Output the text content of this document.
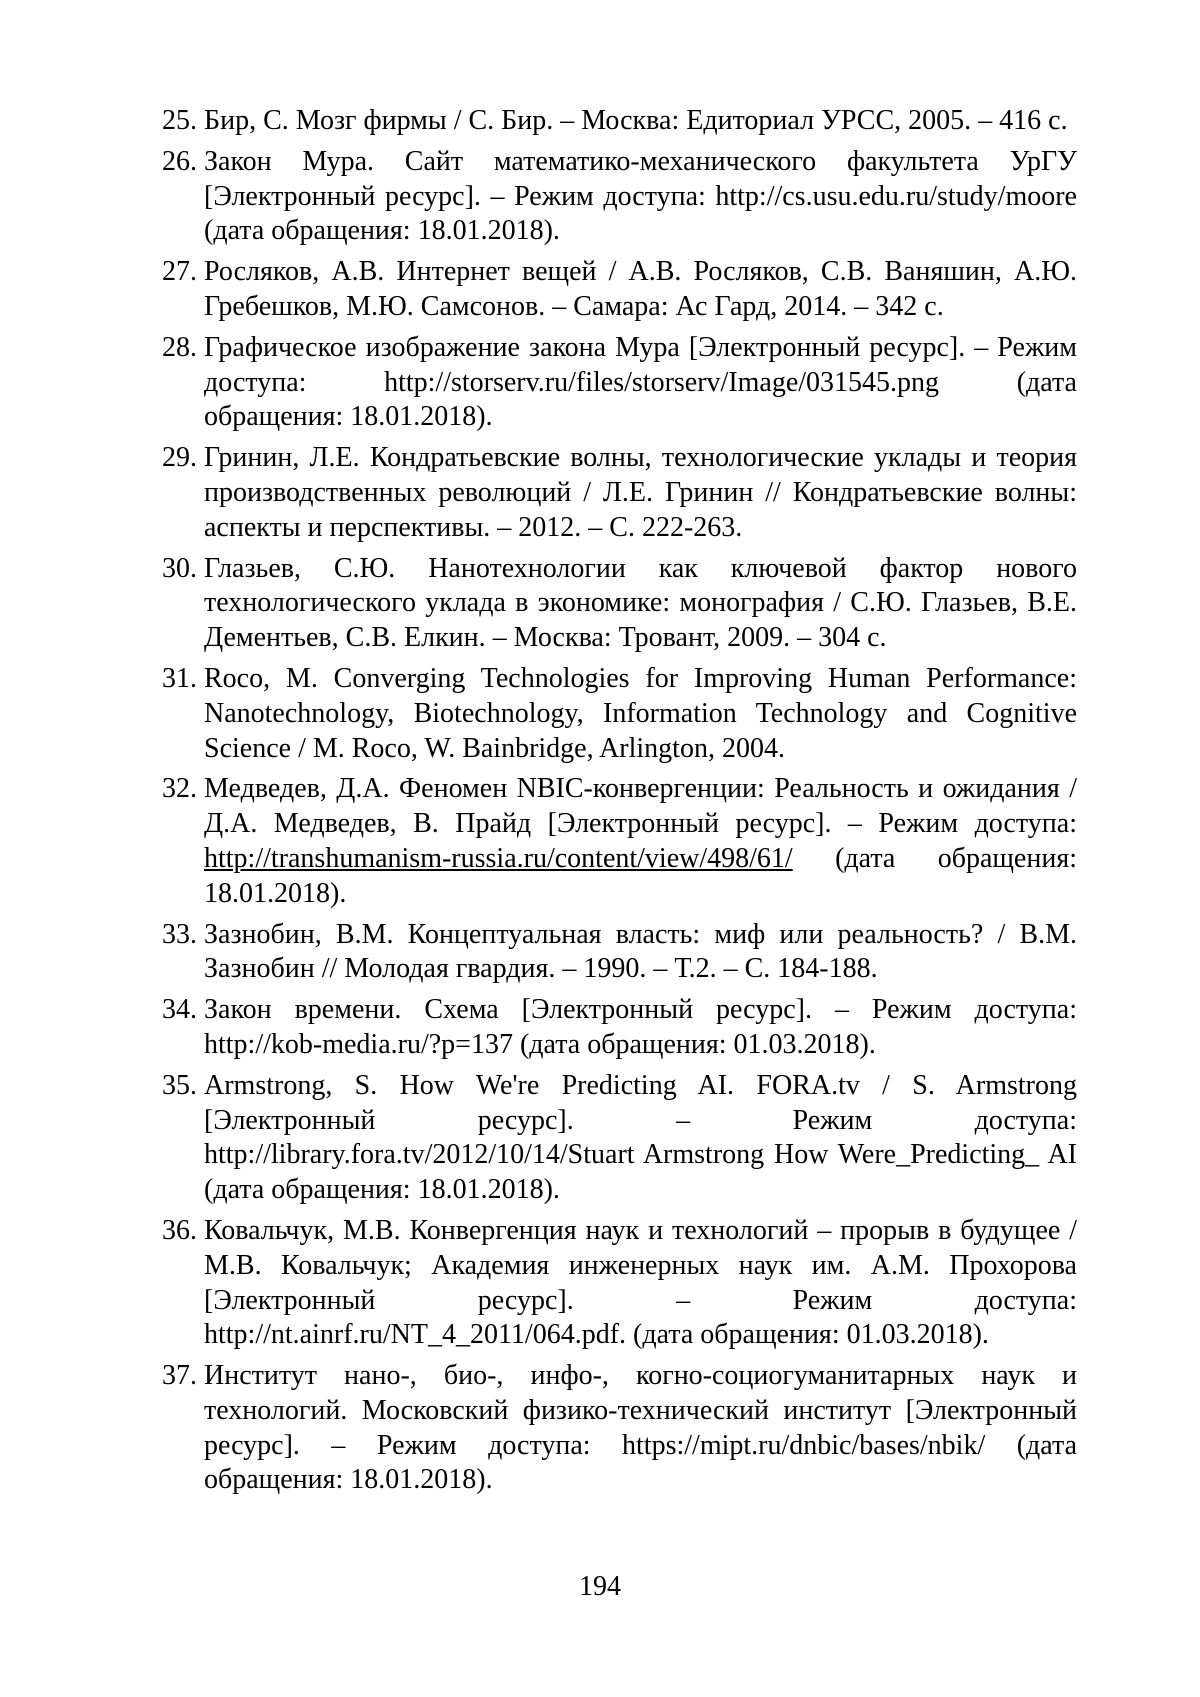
25. Бир, С. Мозг фирмы / С. Бир. – Москва: Едиториал УРСС, 2005. – 416 с.
26. Закон Мура. Сайт математико-механического факультета УрГУ [Электронный ресурс]. – Режим доступа: http://cs.usu.edu.ru/study/moore (дата обращения: 18.01.2018).
27. Росляков, А.В. Интернет вещей / А.В. Росляков, С.В. Ваняшин, А.Ю. Гребешков, М.Ю. Самсонов. – Самара: Ас Гард, 2014. – 342 с.
28. Графическое изображение закона Мура [Электронный ресурс]. – Режим доступа: http://storserv.ru/files/storserv/Image/031545.png (дата обращения: 18.01.2018).
29. Гринин, Л.Е. Кондратьевские волны, технологические уклады и теория производственных революций / Л.Е. Гринин // Кондратьевские волны: аспекты и перспективы. – 2012. – С. 222-263.
30. Глазьев, С.Ю. Нанотехнологии как ключевой фактор нового технологического уклада в экономике: монография / С.Ю. Глазьев, В.Е. Дементьев, С.В. Елкин. – Москва: Тровант, 2009. – 304 с.
31. Roco, M. Converging Technologies for Improving Human Performance: Nanotechnology, Biotechnology, Information Technology and Cognitive Science / M. Roco, W. Bainbridge, Arlington, 2004.
32. Медведев, Д.А. Феномен NBIC-конвергенции: Реальность и ожидания / Д.А. Медведев, В. Прайд [Электронный ресурс]. – Режим доступа: http://transhumanism-russia.ru/content/view/498/61/ (дата обращения: 18.01.2018).
33. Зазнобин, В.М. Концептуальная власть: миф или реальность? / В.М. Зазнобин // Молодая гвардия. – 1990. – Т.2. – С. 184-188.
34. Закон времени. Схема [Электронный ресурс]. – Режим доступа: http://kob-media.ru/?p=137 (дата обращения: 01.03.2018).
35. Armstrong, S. How We're Predicting AI. FORA.tv / S. Armstrong [Электронный ресурс]. – Режим доступа: http://library.fora.tv/2012/10/14/Stuart Armstrong How Were_Predicting_ AI (дата обращения: 18.01.2018).
36. Ковальчук, М.В. Конвергенция наук и технологий – прорыв в будущее / М.В. Ковальчук; Академия инженерных наук им. А.М. Прохорова [Электронный ресурс]. – Режим доступа: http://nt.ainrf.ru/NT_4_2011/064.pdf. (дата обращения: 01.03.2018).
37. Институт нано-, био-, инфо-, когно-социогуманитарных наук и технологий. Московский физико-технический институт [Электронный ресурс]. – Режим доступа: https://mipt.ru/dnbic/bases/nbik/ (дата обращения: 18.01.2018).
194
